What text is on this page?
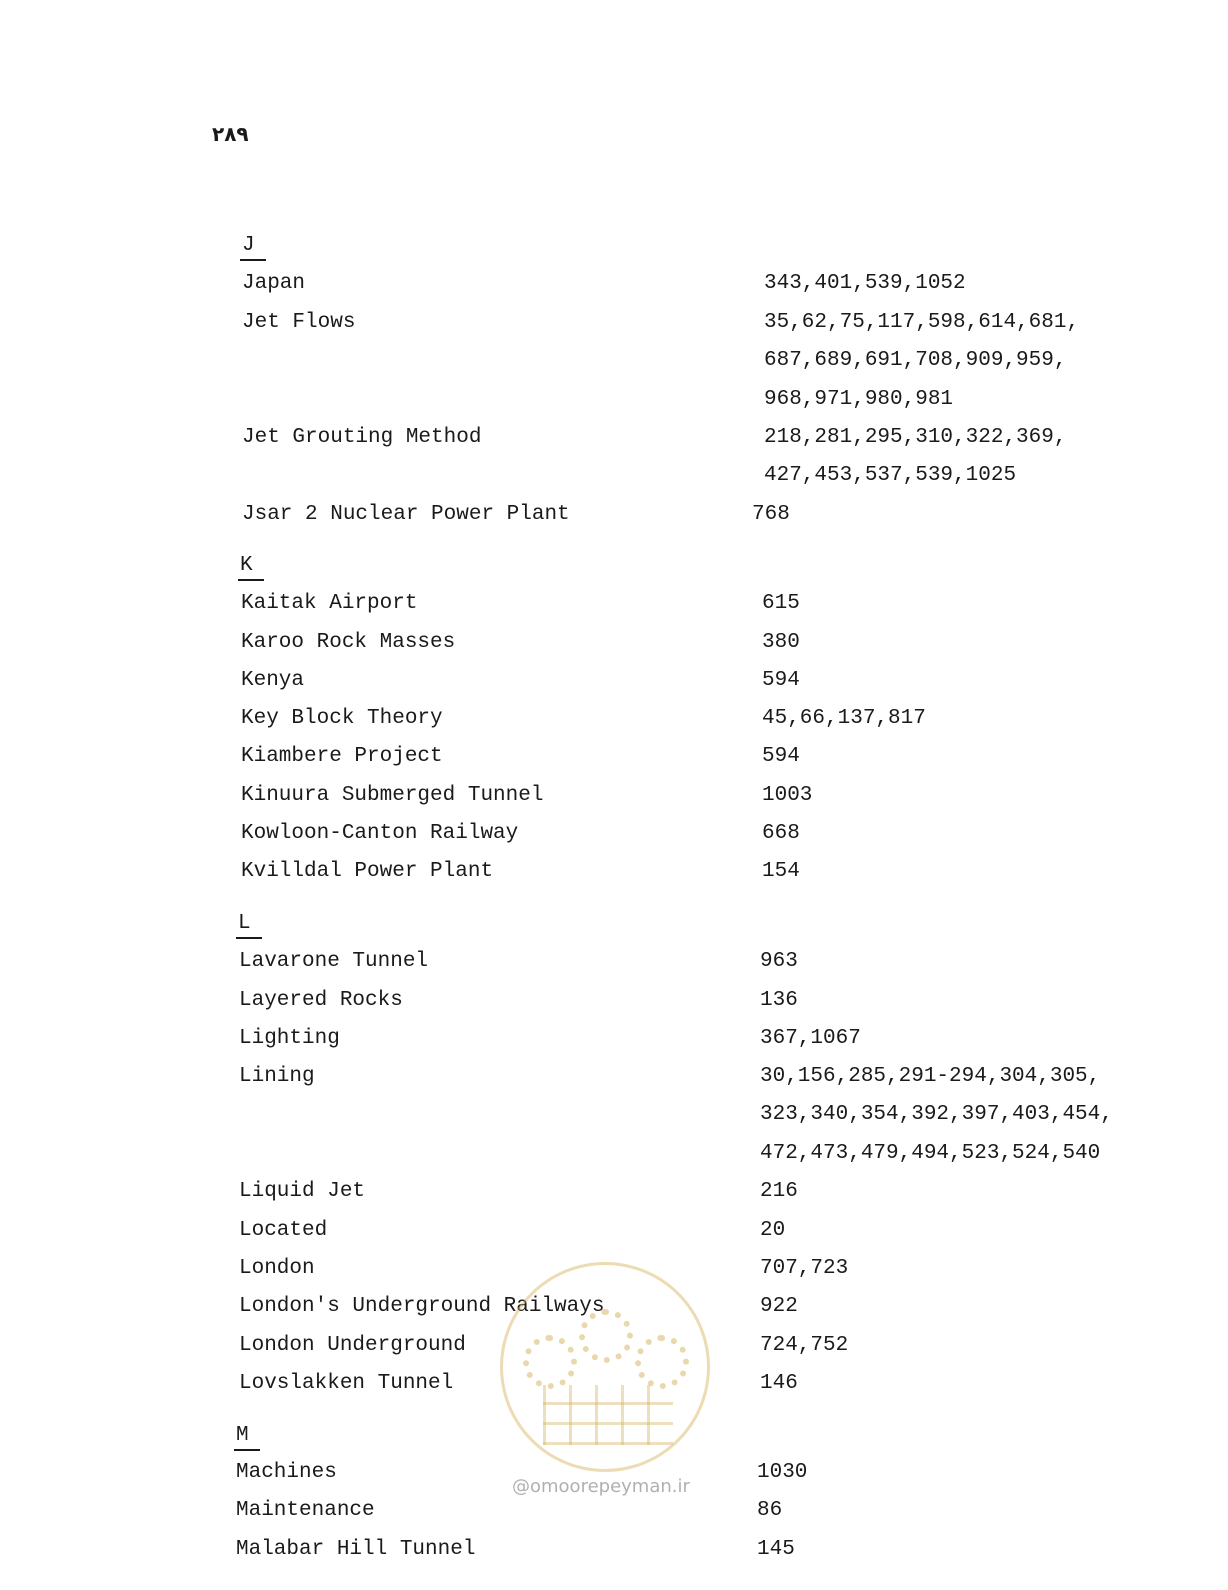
۲۸۹
J
Japan	343,401,539,1052
Jet Flows	35,62,75,117,598,614,681,
687,689,691,708,909,959,
968,971,980,981
Jet Grouting Method	218,281,295,310,322,369,
427,453,537,539,1025
Jsar 2 Nuclear Power Plant	768
K
Kaitak Airport	615
Karoo Rock Masses	380
Kenya	594
Key Block Theory	45,66,137,817
Kiambere Project	594
Kinuura Submerged Tunnel	1003
Kowloon-Canton Railway	668
Kvilldal Power Plant	154
L
Lavarone Tunnel	963
Layered Rocks	136
Lighting	367,1067
Lining	30,156,285,291-294,304,305,
323,340,354,392,397,403,454,
472,473,479,494,523,524,540
Liquid Jet	216
Located	20
London	707,723
London's Underground Railways	922
London Underground	724,752
Lovslakken Tunnel	146
M
Machines	1030
Maintenance	86
Malabar Hill Tunnel	145
@omoorepeyman.ir
